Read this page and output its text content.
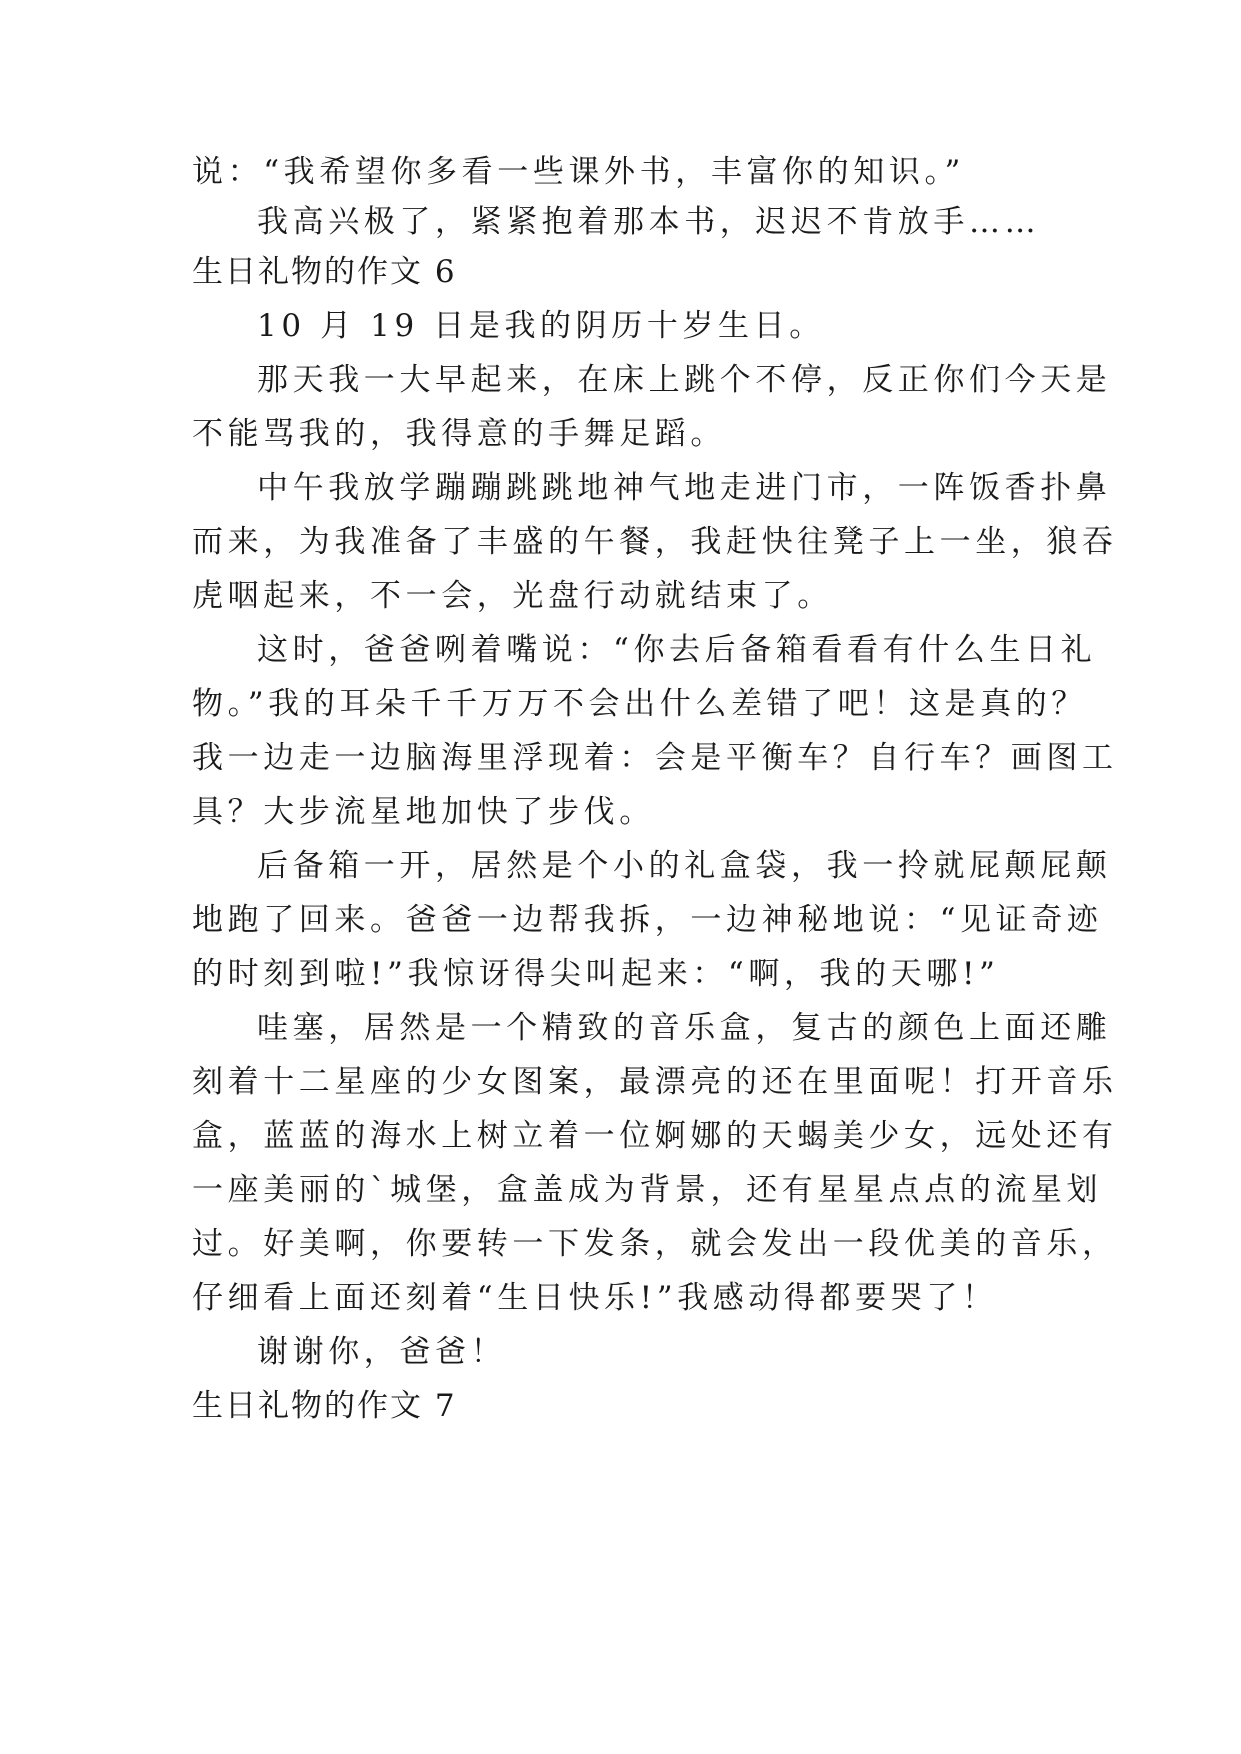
说：“我希望你多看一些课外书，丰富你的知识。”
我高兴极了，紧紧抱着那本书，迟迟不肯放手……
生日礼物的作文 6
10 月 19 日是我的阴历十岁生日。
那天我一大早起来，在床上跳个不停，反正你们今天是
不能骂我的，我得意的手舞足蹈。
中午我放学蹦蹦跳跳地神气地走进门市，一阵饭香扑鼻
而来，为我准备了丰盛的午餐，我赶快往凳子上一坐，狼吞
虎咽起来，不一会，光盘行动就结束了。
这时，爸爸咧着嘴说：“你去后备箱看看有什么生日礼
物。”我的耳朵千千万万不会出什么差错了吧！这是真的？
我一边走一边脑海里浮现着：会是平衡车？自行车？画图工
具？大步流星地加快了步伐。
后备箱一开，居然是个小的礼盒袋，我一拎就屁颠屁颠
地跑了回来。爸爸一边帮我拆，一边神秘地说：“见证奇迹
的时刻到啦!”我惊讶得尖叫起来：“啊，我的天哪!”
哇塞，居然是一个精致的音乐盒，复古的颜色上面还雕
刻着十二星座的少女图案，最漂亮的还在里面呢！打开音乐
盒，蓝蓝的海水上树立着一位婀娜的天蝎美少女，远处还有
一座美丽的`城堡，盒盖成为背景，还有星星点点的流星划
过。好美啊，你要转一下发条，就会发出一段优美的音乐，
仔细看上面还刻着“生日快乐!”我感动得都要哭了！
谢谢你，爸爸！
生日礼物的作文 7
